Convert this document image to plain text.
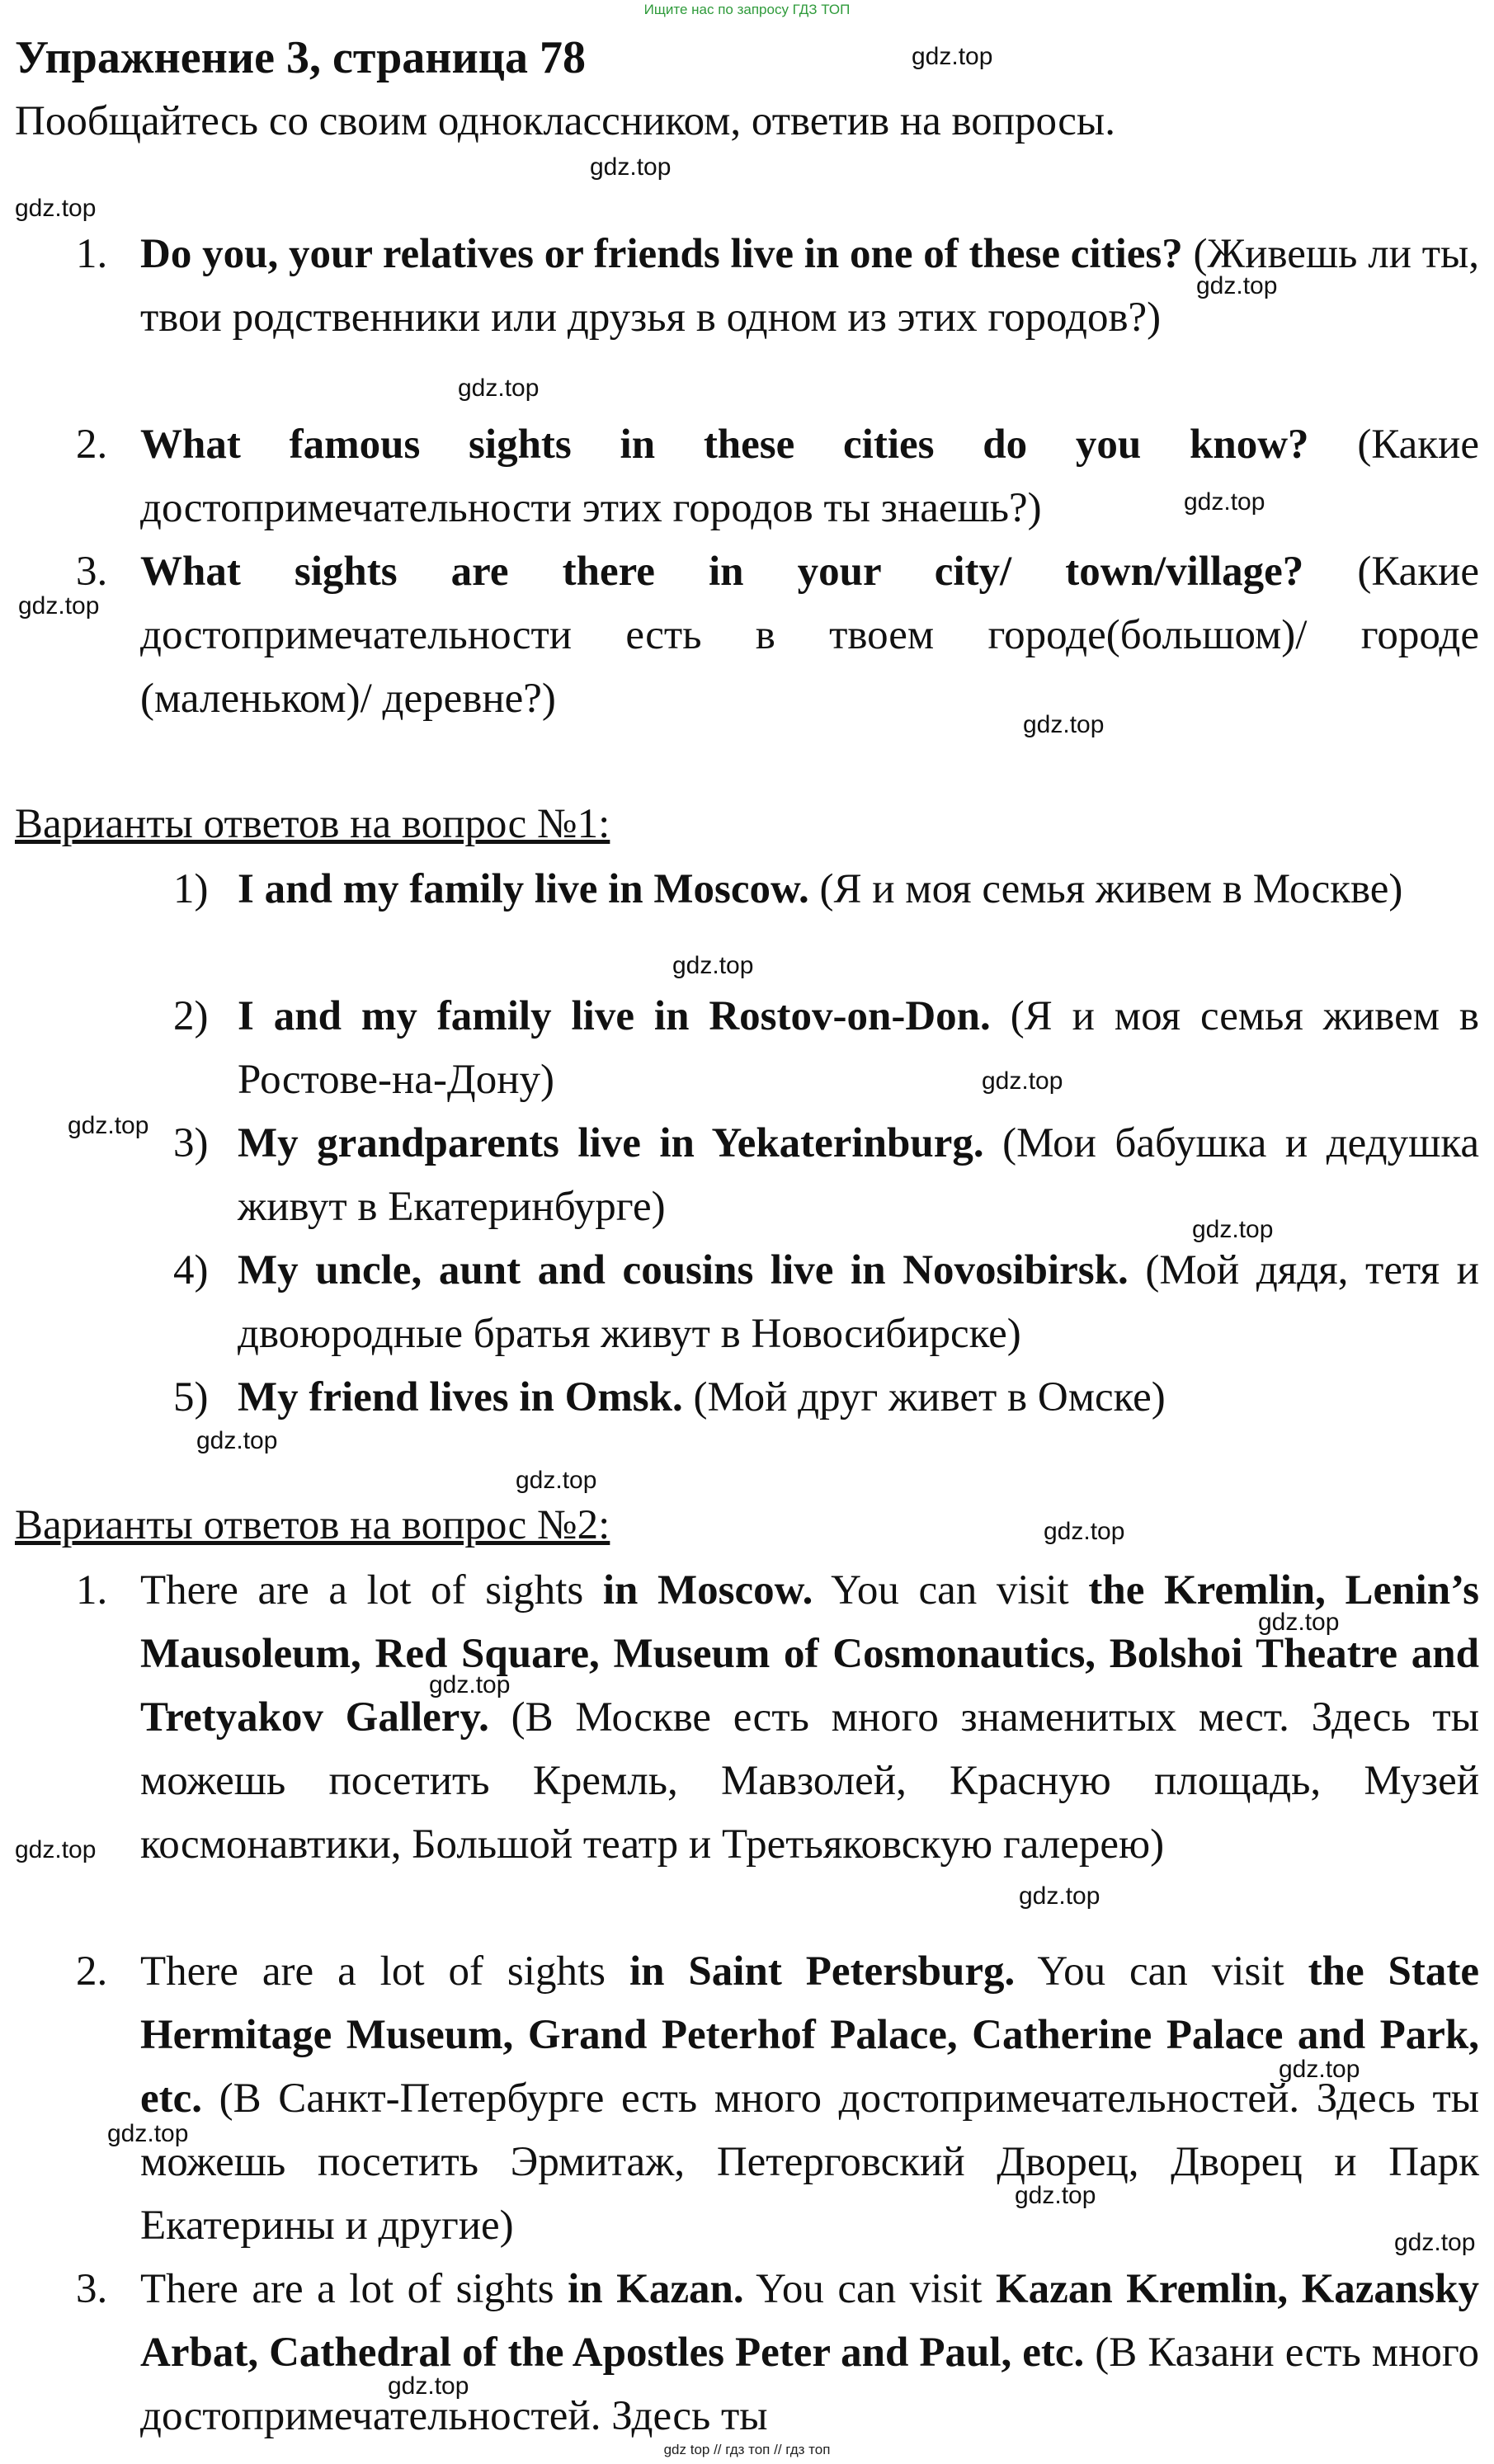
Ищите нас по запросу ГДЗ ТОП
Упражнение 3, страница 78
Пообщайтесь со своим одноклассником, ответив на вопросы.
1. Do you, your relatives or friends live in one of these cities? (Живешь ли ты, твои родственники или друзья в одном из этих городов?)
2. What famous sights in these cities do you know? (Какие достопримечательности этих городов ты знаешь?)
3. What sights are there in your city/ town/village? (Какие достопримечательности есть в твоем городе(большом)/ городе (маленьком)/ деревне?)
Варианты ответов на вопрос №1:
1) I and my family live in Moscow. (Я и моя семья живем в Москве)
2) I and my family live in Rostov-on-Don. (Я и моя семья живем в Ростове-на-Дону)
3) My grandparents live in Yekaterinburg. (Мои бабушка и дедушка живут в Екатеринбурге)
4) My uncle, aunt and cousins live in Novosibirsk. (Мой дядя, тетя и двоюродные братья живут в Новосибирске)
5) My friend lives in Omsk. (Мой друг живет в Омске)
Варианты ответов на вопрос №2:
1. There are a lot of sights in Moscow. You can visit the Kremlin, Lenin’s Mausoleum, Red Square, Museum of Cosmonautics, Bolshoi Theatre and Tretyakov Gallery. (В Москве есть много знаменитых мест. Здесь ты можешь посетить Кремль, Мавзолей, Красную площадь, Музей космонавтики, Большой театр и Третьяковскую галерею)
2. There are a lot of sights in Saint Petersburg. You can visit the State Hermitage Museum, Grand Peterhof Palace, Catherine Palace and Park, etc. (В Санкт-Петербурге есть много достопримечательностей. Здесь ты можешь посетить Эрмитаж, Петерговский Дворец, Дворец и Парк Екатерины и другие)
3. There are a lot of sights in Kazan. You can visit Kazan Kremlin, Kazansky Arbat, Cathedral of the Apostles Peter and Paul, etc. (В Казани есть много достопримечательностей. Здесь ты
gdz.top
gdz.top
gdz.top
gdz.top
gdz.top
gdz.top
gdz.top
gdz.top
gdz.top
gdz.top
gdz.top
gdz.top
gdz.top
gdz.top
gdz.top
gdz.top
gdz.top
gdz.top
gdz.top
gdz.top
gdz.top
gdz.top
gdz.top
gdz.top
gdz top // гдз топ // гдз топ
